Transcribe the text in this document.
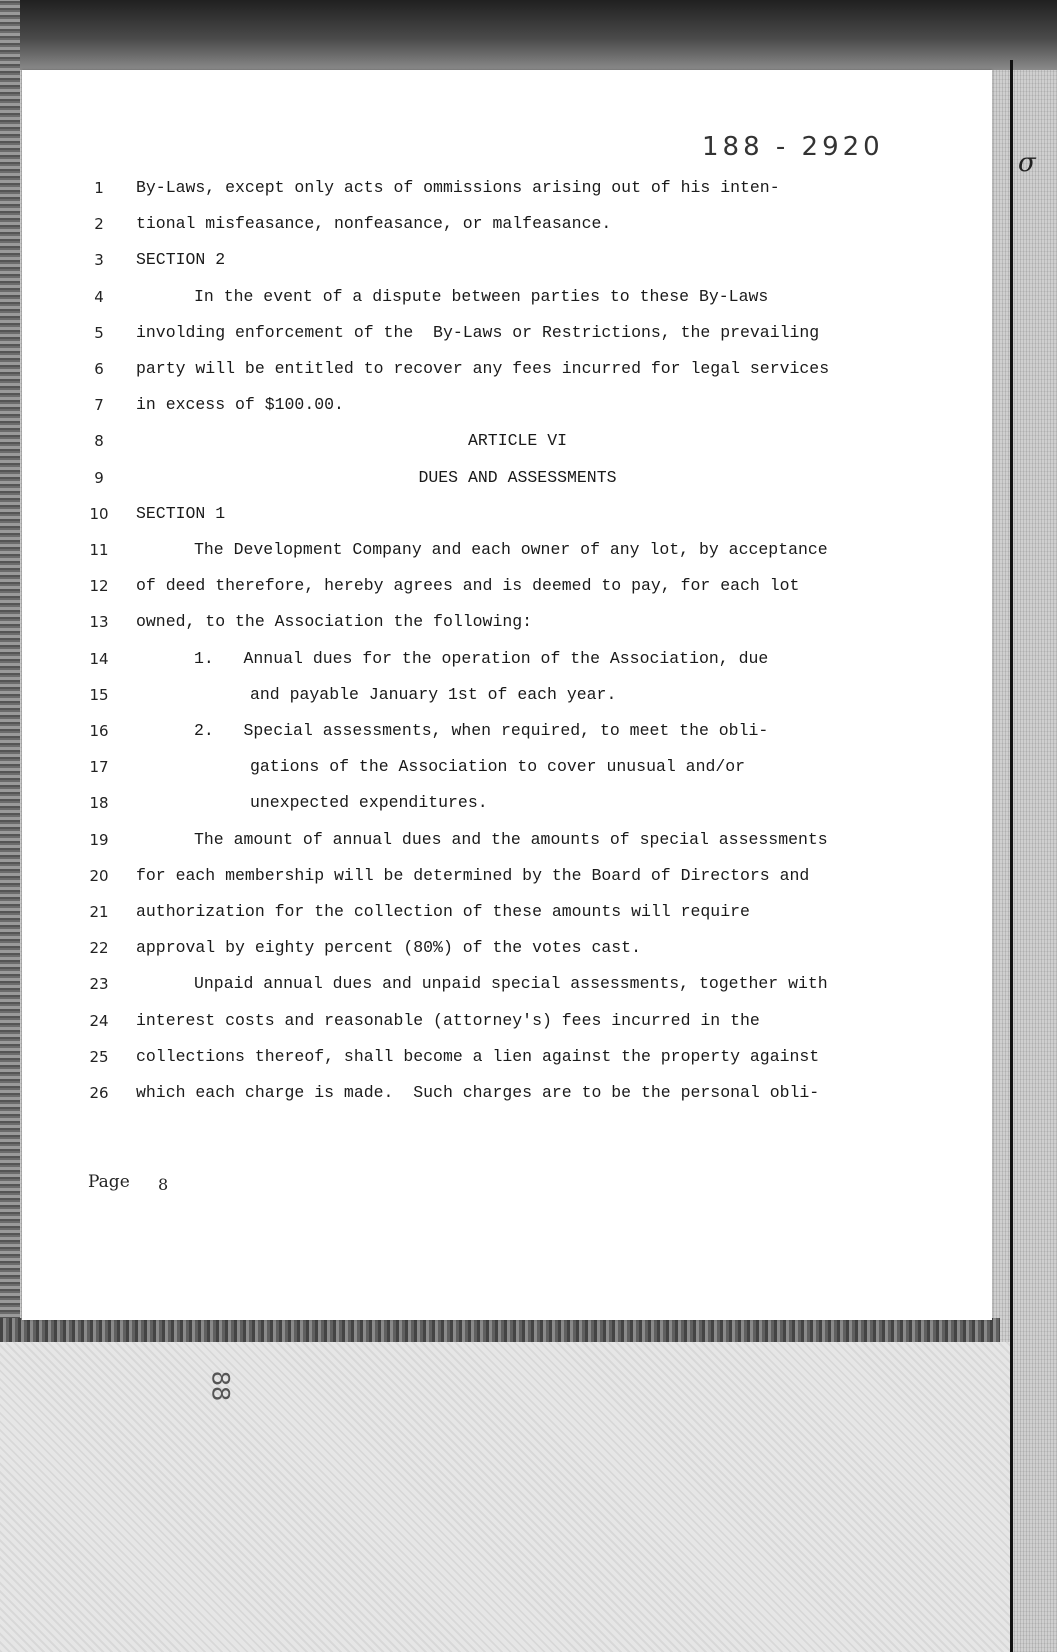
188 - 2920
σ
1	By-Laws, except only acts of ommissions arising out of his inten-
2	tional misfeasance, nonfeasance, or malfeasance.
3	SECTION 2
4	In the event of a dispute between parties to these By-Laws
5	involding enforcement of the  By-Laws or Restrictions, the prevailing
6	party will be entitled to recover any fees incurred for legal services
7	in excess of $100.00.
8	ARTICLE VI
9	DUES AND ASSESSMENTS
10 SECTION 1
11	The Development Company and each owner of any lot, by acceptance
12 of deed therefore, hereby agrees and is deemed to pay, for each lot
13 owned, to the Association the following:
14	1.   Annual dues for the operation of the Association, due
15	and payable January 1st of each year.
16	2.   Special assessments, when required, to meet the obli-
17	gations of the Association to cover unusual and/or
18	unexpected expenditures.
19	The amount of annual dues and the amounts of special assessments
20 for each membership will be determined by the Board of Directors and
21 authorization for the collection of these amounts will require
22 approval by eighty percent (80%) of the votes cast.
23	Unpaid annual dues and unpaid special assessments, together with
24 interest costs and reasonable (attorney's) fees incurred in the
25 collections thereof, shall become a lien against the property against
26 which each charge is made.  Such charges are to be the personal obli-
Page 8
88
